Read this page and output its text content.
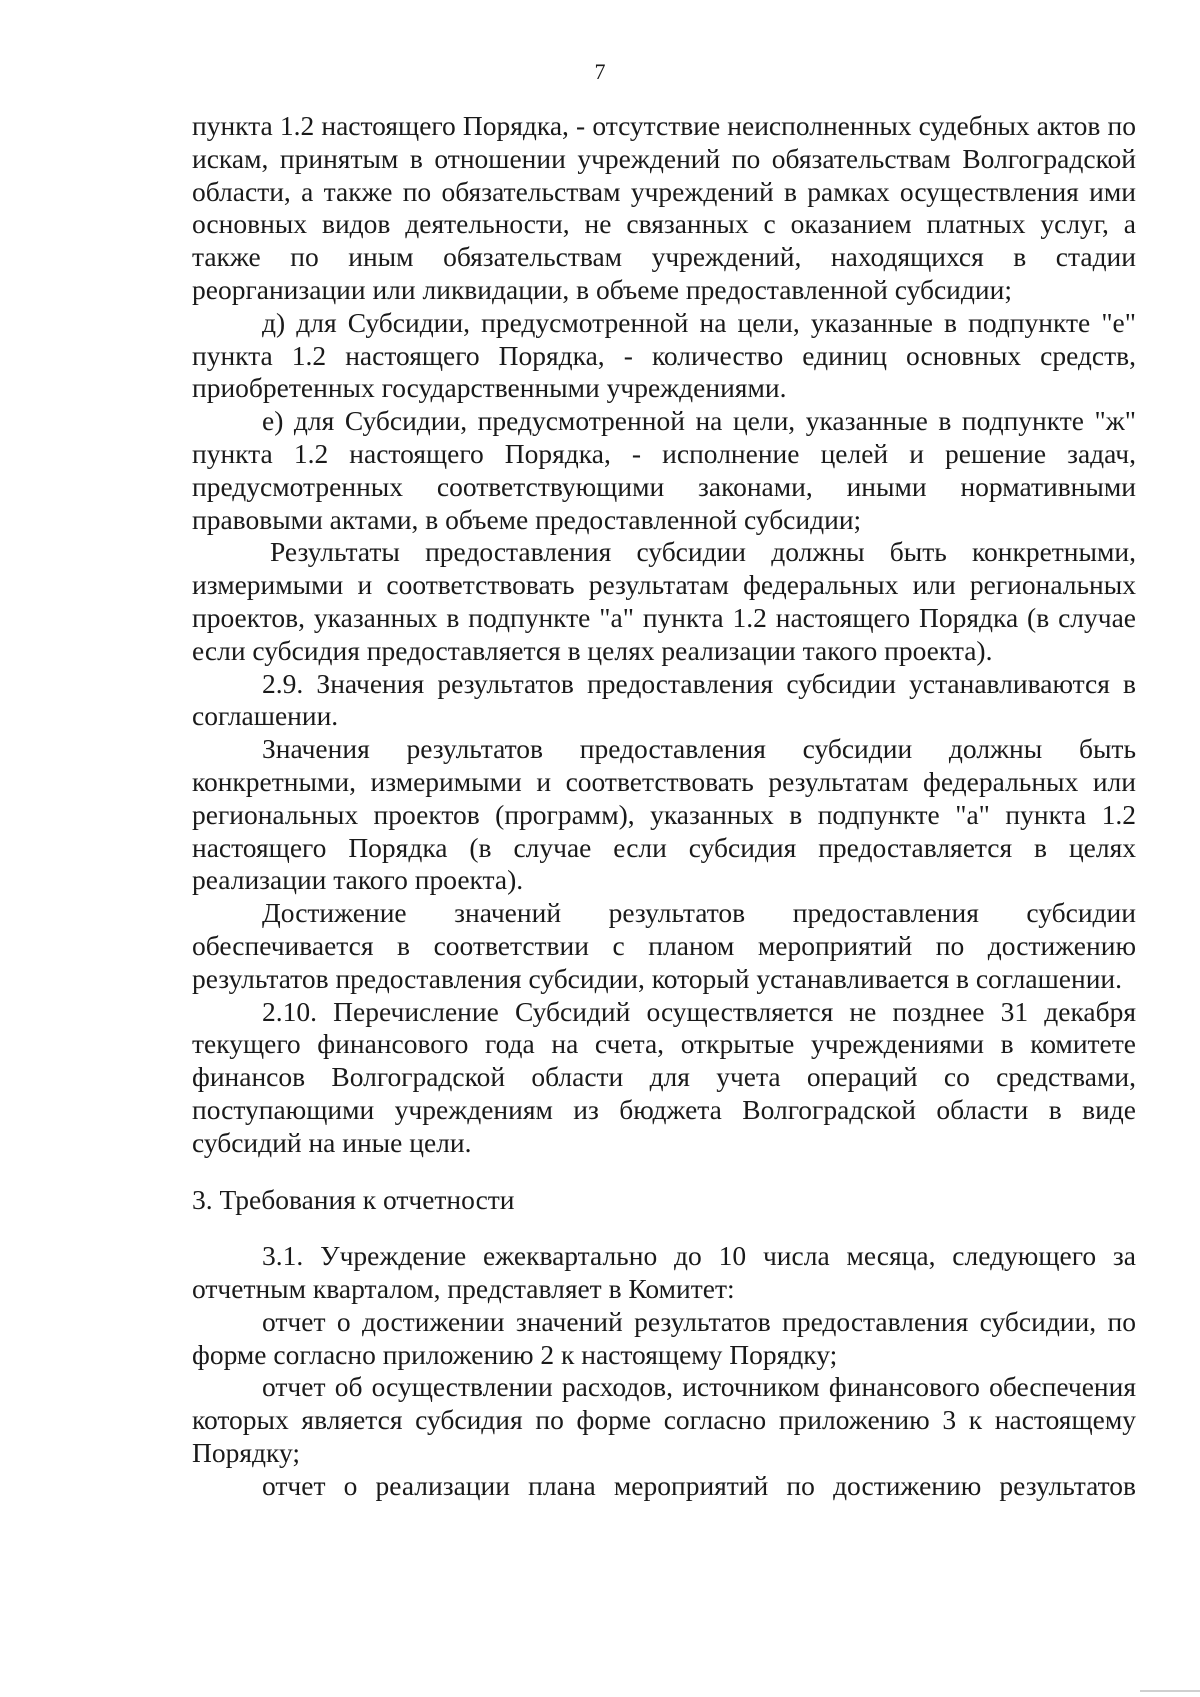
7

пункта 1.2 настоящего Порядка, - отсутствие неисполненных судебных актов по искам, принятым в отношении учреждений по обязательствам Волгоградской области, а также по обязательствам учреждений в рамках осуществления ими основных видов деятельности, не связанных с оказанием платных услуг, а также по иным обязательствам учреждений, находящихся в стадии реорганизации или ликвидации, в объеме предоставленной субсидии;

д) для Субсидии, предусмотренной на цели, указанные в подпункте "е" пункта 1.2 настоящего Порядка, - количество единиц основных средств, приобретенных государственными учреждениями.

е) для Субсидии, предусмотренной на цели, указанные в подпункте "ж" пункта 1.2 настоящего Порядка, - исполнение целей и решение задач, предусмотренных соответствующими законами, иными нормативными правовыми актами, в объеме предоставленной субсидии;

Результаты предоставления субсидии должны быть конкретными, измеримыми и соответствовать результатам федеральных или региональных проектов, указанных в подпункте "а" пункта 1.2 настоящего Порядка (в случае если субсидия предоставляется в целях реализации такого проекта).

2.9. Значения результатов предоставления субсидии устанавливаются в соглашении.

Значения результатов предоставления субсидии должны быть конкретными, измеримыми и соответствовать результатам федеральных или региональных проектов (программ), указанных в подпункте "а" пункта 1.2 настоящего Порядка (в случае если субсидия предоставляется в целях реализации такого проекта).

Достижение значений результатов предоставления субсидии обеспечивается в соответствии с планом мероприятий по достижению результатов предоставления субсидии, который устанавливается в соглашении.

2.10. Перечисление Субсидий осуществляется не позднее 31 декабря текущего финансового года на счета, открытые учреждениями в комитете финансов Волгоградской области для учета операций со средствами, поступающими учреждениям из бюджета Волгоградской области в виде субсидий на иные цели.

3. Требования к отчетности

3.1. Учреждение ежеквартально до 10 числа месяца, следующего за отчетным кварталом, представляет в Комитет:

отчет о достижении значений результатов предоставления субсидии, по форме согласно приложению 2 к настоящему Порядку;

отчет об осуществлении расходов, источником финансового обеспечения которых является субсидия по форме согласно приложению 3 к настоящему Порядку;

отчет о реализации плана мероприятий по достижению результатов
